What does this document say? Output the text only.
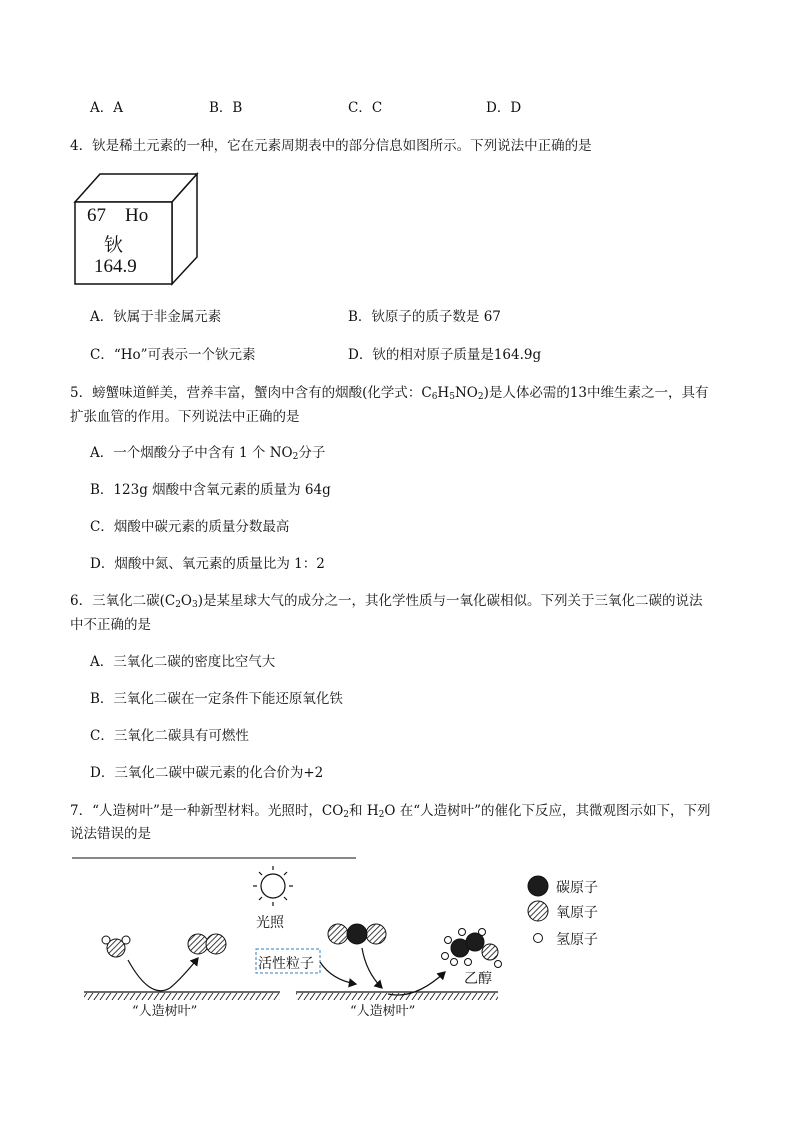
A．A	B．B	C．C	D．D
4．钬是稀土元素的一种，它在元素周期表中的部分信息如图所示。下列说法中正确的是
67 Ho
钬
164.9
A．钬属于非金属元素	B．钬原子的质子数是 67
C．“Ho”可表示一个钬元素	D．钬的相对原子质量是164.9g
5．螃蟹味道鲜美，营养丰富，蟹肉中含有的烟酸(化学式：$C_6H_5NO_2$)是人体必需的13中维生素之一，具有
扩张血管的作用。下列说法中正确的是
A．一个烟酸分子中含有 1 个 $NO_2$分子
B．123g 烟酸中含氧元素的质量为 64g
C．烟酸中碳元素的质量分数最高
D．烟酸中氮、氧元素的质量比为 1：2
6．三氧化二碳$(C_2O_3)$是某星球大气的成分之一，其化学性质与一氧化碳相似。下列关于三氧化二碳的说法
中不正确的是
A．三氧化二碳的密度比空气大
B．三氧化二碳在一定条件下能还原氧化铁
C．三氧化二碳具有可燃性
D．三氧化二碳中碳元素的化合价为+2
7．“人造树叶”是一种新型材料。光照时，$CO_2$和 $H_2O$ 在“人造树叶”的催化下反应，其微观图示如下，下列
说法错误的是
光照
活性粒子
“人造树叶”	“人造树叶”
乙醇
碳原子
氧原子
氢原子
